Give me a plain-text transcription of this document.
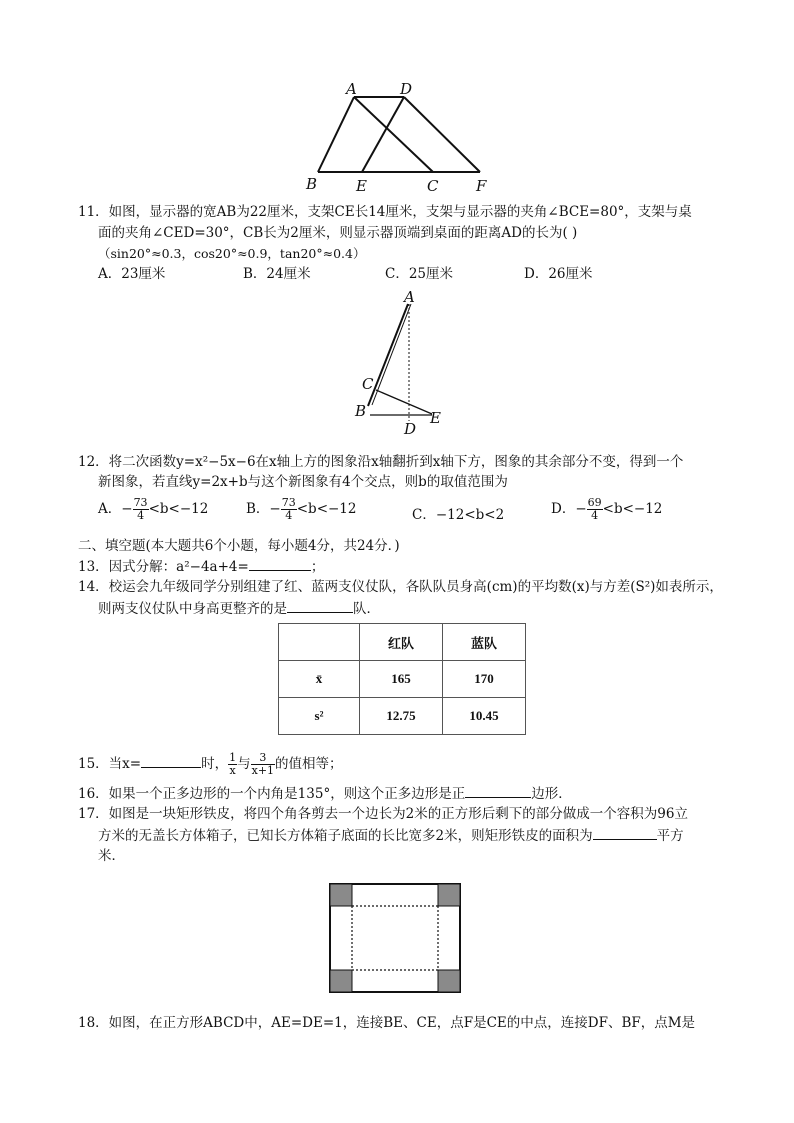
A	D
B	E	C	F
11．如图，显示器的宽AB为22厘米，支架CE长14厘米，支架与显示器的夹角∠BCE=80°，支架与桌
面的夹角∠CED=30°，CB长为2厘米，则显示器顶端到桌面的距离AD的长为( )
（sin20°≈0.3，cos20°≈0.9，tan20°≈0.4）
A．23厘米	B．24厘米	C．25厘米	D．26厘米
A
C
B
D
E
12．将二次函数y=x²−5x−6在x轴上方的图象沿x轴翻折到x轴下方，图象的其余部分不变，得到一个
新图象，若直线y=2x+b与这个新图象有4个交点，则b的取值范围为
A．− $\frac{73}{4} <b<-12$	B．− $\frac{73}{4} <b<-12$	C．−12<b<2	D．− $\frac{69}{4} <b<-12$
二、填空题(本大题共6个小题，每小题4分，共24分．)
13．因式分解：a²−4a+4=	；
14．校运会九年级同学分别组建了红、蓝两支仪仗队，各队队员身高(cm)的平均数(x)与方差(S²)如表所示，
则两支仪仗队中身高更整齐的是	队．
	红队	蓝队
x̄	165	170
s²	12.75	10.45
15．当x=	时， $\frac{1}{x}$ 与 $\frac{3}{x+1}$ 的值相等；
16．如果一个正多边形的一个内角是135°，则这个正多边形是正	边形．
17．如图是一块矩形铁皮，将四个角各剪去一个边长为2米的正方形后剩下的部分做成一个容积为96立
方米的无盖长方体箱子，已知长方体箱子底面的长比宽多2米，则矩形铁皮的面积为	平方
米．
18．如图，在正方形ABCD中，AE=DE=1，连接BE、CE，点F是CE的中点，连接DF、BF，点M是
